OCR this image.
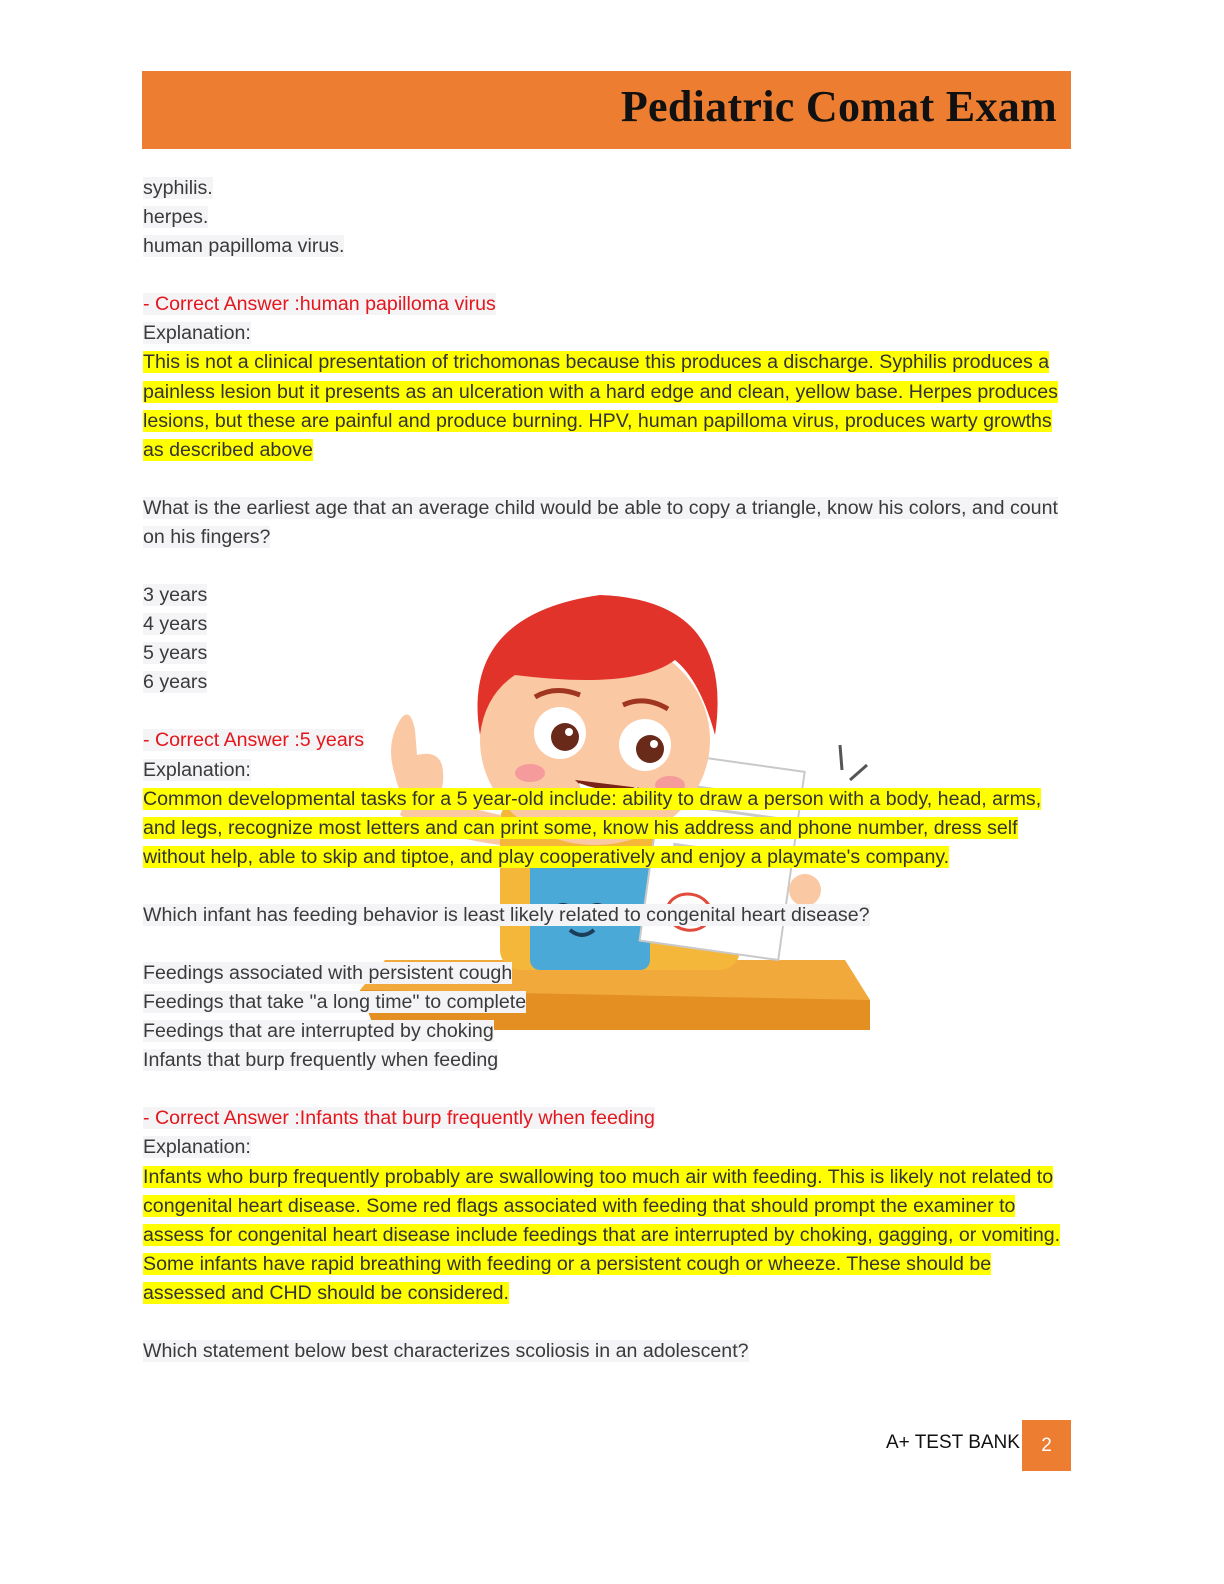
Pediatric Comat Exam

syphilis.

herpes.

human papilloma virus.

- Correct Answer :human papilloma virus

Explanation:

This is not a clinical presentation of trichomonas because this produces a discharge. Syphilis produces a painless lesion but it presents as an ulceration with a hard edge and clean, yellow base. Herpes produces lesions, but these are painful and produce burning. HPV, human papilloma virus, produces warty growths as described above

What is the earliest age that an average child would be able to copy a triangle, know his colors, and count on his fingers?

3 years

4 years

5 years

6 years

- Correct Answer :5 years

Explanation:

Common developmental tasks for a 5 year-old include: ability to draw a person with a body, head, arms, and legs, recognize most letters and can print some, know his address and phone number, dress self without help, able to skip and tiptoe, and play cooperatively and enjoy a playmate's company.

Which infant has feeding behavior is least likely related to congenital heart disease?

Feedings associated with persistent cough

Feedings that take "a long time" to complete

Feedings that are interrupted by choking

Infants that burp frequently when feeding

- Correct Answer :Infants that burp frequently when feeding

Explanation:

Infants who burp frequently probably are swallowing too much air with feeding. This is likely not related to congenital heart disease. Some red flags associated with feeding that should prompt the examiner to assess for congenital heart disease include feedings that are interrupted by choking, gagging, or vomiting. Some infants have rapid breathing with feeding or a persistent cough or wheeze. These should be assessed and CHD should be considered.

Which statement below best characterizes scoliosis in an adolescent?

A+ TEST BANK	2
